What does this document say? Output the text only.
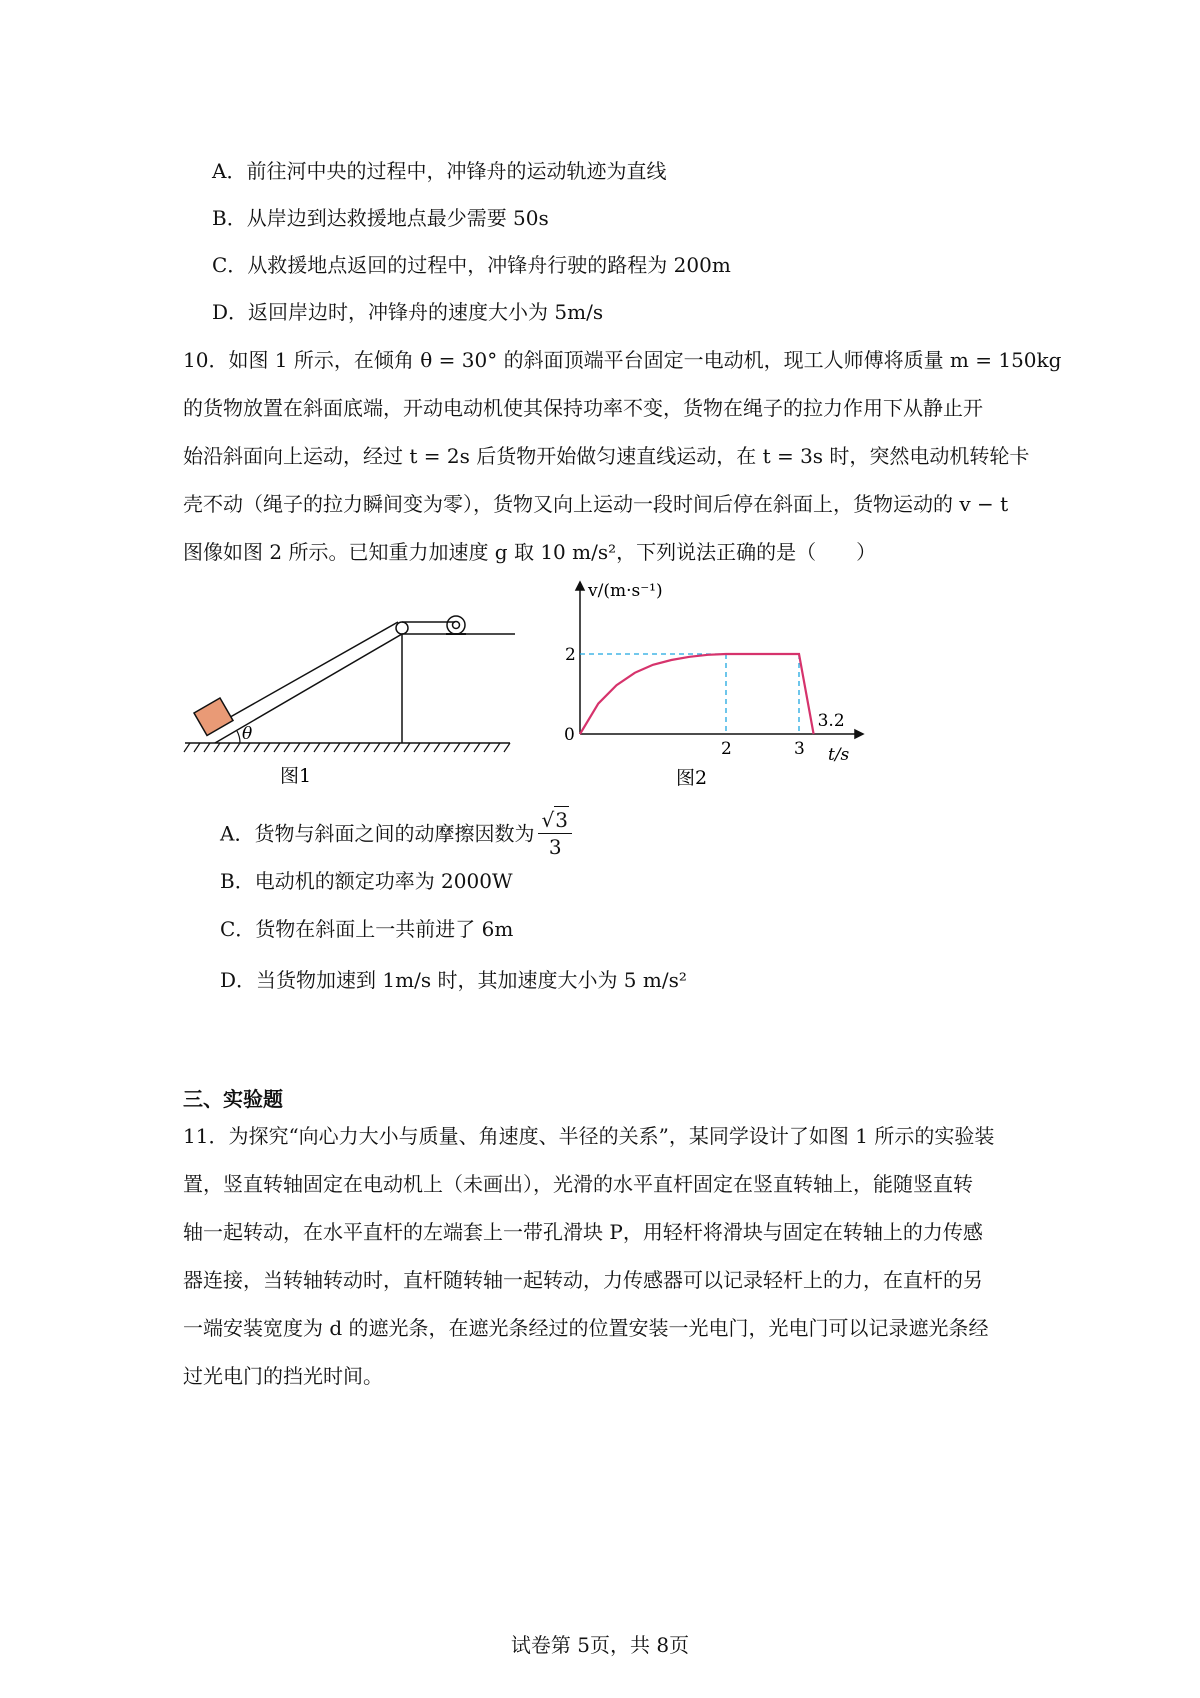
A．前往河中央的过程中，冲锋舟的运动轨迹为直线
B．从岸边到达救援地点最少需要 50s
C．从救援地点返回的过程中，冲锋舟行驶的路程为 200m
D．返回岸边时，冲锋舟的速度大小为 5m/s
10．如图 1 所示，在倾角 θ = 30° 的斜面顶端平台固定一电动机，现工人师傅将质量 m = 150kg
的货物放置在斜面底端，开动电动机使其保持功率不变，货物在绳子的拉力作用下从静止开
始沿斜面向上运动，经过 t = 2s 后货物开始做匀速直线运动，在 t = 3s 时，突然电动机转轮卡
壳不动（绳子的拉力瞬间变为零），货物又向上运动一段时间后停在斜面上，货物运动的 v − t
图像如图 2 所示。已知重力加速度 g 取 10 m/s²，下列说法正确的是（　　）
θ
图1
2
2	3
3.2
v/(m·s⁻¹)
t/s
0
图2
A．货物与斜面之间的动摩擦因数为 $\frac{√3}{3}$
B．电动机的额定功率为 2000W
C．货物在斜面上一共前进了 6m
D．当货物加速到 1m/s 时，其加速度大小为 5 m/s²
三、实验题
11．为探究“向心力大小与质量、角速度、半径的关系”，某同学设计了如图 1 所示的实验装
置，竖直转轴固定在电动机上（未画出），光滑的水平直杆固定在竖直转轴上，能随竖直转
轴一起转动，在水平直杆的左端套上一带孔滑块 P，用轻杆将滑块与固定在转轴上的力传感
器连接，当转轴转动时，直杆随转轴一起转动，力传感器可以记录轻杆上的力，在直杆的另
一端安装宽度为 d 的遮光条，在遮光条经过的位置安装一光电门，光电门可以记录遮光条经
过光电门的挡光时间。
试卷第 5页，共 8页
